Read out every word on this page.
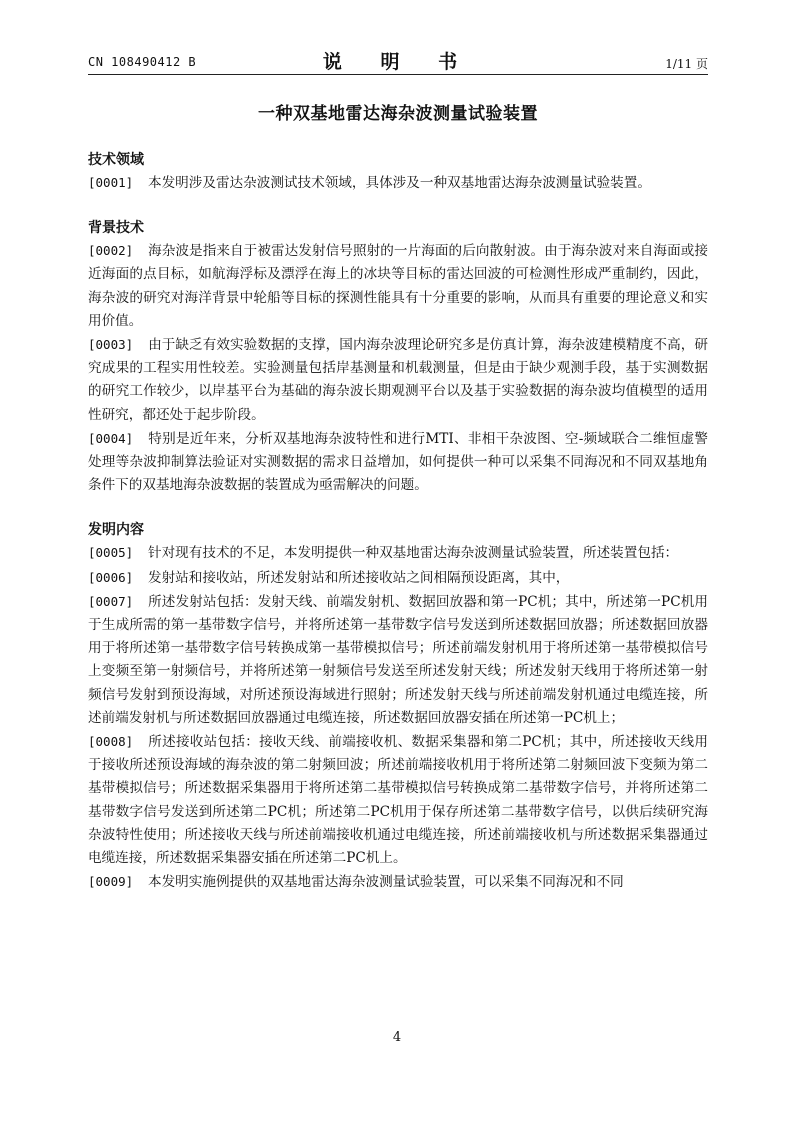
CN 108490412 B	说 明 书	1/11 页
一种双基地雷达海杂波测量试验装置
技术领域
[0001] 本发明涉及雷达杂波测试技术领域，具体涉及一种双基地雷达海杂波测量试验装置。
背景技术
[0002] 海杂波是指来自于被雷达发射信号照射的一片海面的后向散射波。由于海杂波对来自海面或接近海面的点目标，如航海浮标及漂浮在海上的冰块等目标的雷达回波的可检测性形成严重制约，因此，海杂波的研究对海洋背景中轮船等目标的探测性能具有十分重要的影响，从而具有重要的理论意义和实用价值。
[0003] 由于缺乏有效实验数据的支撑，国内海杂波理论研究多是仿真计算，海杂波建模精度不高，研究成果的工程实用性较差。实验测量包括岸基测量和机载测量，但是由于缺少观测手段，基于实测数据的研究工作较少，以岸基平台为基础的海杂波长期观测平台以及基于实验数据的海杂波均值模型的适用性研究，都还处于起步阶段。
[0004] 特别是近年来，分析双基地海杂波特性和进行MTI、非相干杂波图、空-频域联合二维恒虚警处理等杂波抑制算法验证对实测数据的需求日益增加，如何提供一种可以采集不同海况和不同双基地角条件下的双基地海杂波数据的装置成为亟需解决的问题。
发明内容
[0005] 针对现有技术的不足，本发明提供一种双基地雷达海杂波测量试验装置，所述装置包括：
[0006] 发射站和接收站，所述发射站和所述接收站之间相隔预设距离，其中，
[0007] 所述发射站包括：发射天线、前端发射机、数据回放器和第一PC机；其中，所述第一PC机用于生成所需的第一基带数字信号，并将所述第一基带数字信号发送到所述数据回放器；所述数据回放器用于将所述第一基带数字信号转换成第一基带模拟信号；所述前端发射机用于将所述第一基带模拟信号上变频至第一射频信号，并将所述第一射频信号发送至所述发射天线；所述发射天线用于将所述第一射频信号发射到预设海域，对所述预设海域进行照射；所述发射天线与所述前端发射机通过电缆连接，所述前端发射机与所述数据回放器通过电缆连接，所述数据回放器安插在所述第一PC机上；
[0008] 所述接收站包括：接收天线、前端接收机、数据采集器和第二PC机；其中，所述接收天线用于接收所述预设海域的海杂波的第二射频回波；所述前端接收机用于将所述第二射频回波下变频为第二基带模拟信号；所述数据采集器用于将所述第二基带模拟信号转换成第二基带数字信号，并将所述第二基带数字信号发送到所述第二PC机；所述第二PC机用于保存所述第二基带数字信号，以供后续研究海杂波特性使用；所述接收天线与所述前端接收机通过电缆连接，所述前端接收机与所述数据采集器通过电缆连接，所述数据采集器安插在所述第二PC机上。
[0009] 本发明实施例提供的双基地雷达海杂波测量试验装置，可以采集不同海况和不同
4
